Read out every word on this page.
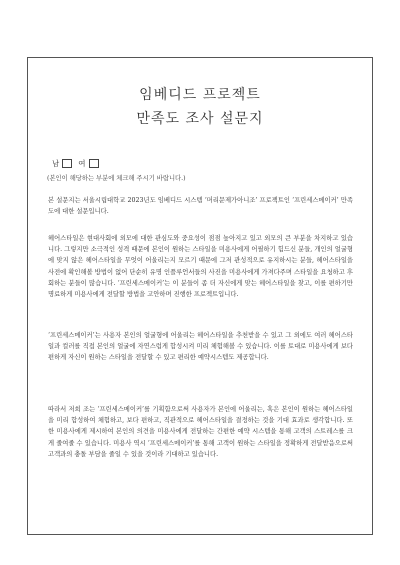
임베디드 프로젝트
만족도 조사 설문지
남	여
(본인이 해당하는 부분에 체크해 주시기 바랍니다.)

본 설문지는 서울시립대학교 2023년도 임베디드 시스템 ‘머리문제가아니조’ 프로젝트인 ‘프린세스메이커’ 만족도에 대한 설문입니다.

헤어스타일은 현대사회에 외모에 대한 관심도와 중요성이 점점 높아지고 있고 외모의 큰 부분을 차지하고 있습니다. 그렇지만 소극적인 성격 때문에 본인이 원하는 스타일을 미용사에게 어필하기 힘드신 분들, 개인의 얼굴형에 맞지 않은 헤어스타일을 무엇이 어울리는지 모르기 때문에 그저 관성적으로 유지하시는 분들, 헤어스타일을 사전에 확인해볼 방법이 없어 단순히 유명 인플루언서들의 사진을 미용사에게 가져다주며 스타일을 요청하고 후회하는 분들이 많습니다. ‘프린세스메이커’는 이 분들이 좀 더 자신에게 맞는 헤어스타일을 찾고, 이를 편하기만 명료하게 미용사에게 전달할 방법을 고안하며 진행한 프로젝트입니다.

‘프린세스메이커’는 사용자 본인의 얼굴형에 어울리는 헤어스타일을 추천받을 수 있고 그 외에도 여러 헤어스타일과 컬러를 직접 본인의 얼굴에 자연스럽게 합성시켜 미리 체험해볼 수 있습니다. 이를 토대로 미용사에게 보다 편하게 자신이 원하는 스타일을 전달할 수 있고 편리한 예약시스템도 제공합니다.

따라서 저희 조는 ‘프린세스메이커’를 기획함으로써 사용자가 본인에 어울리는, 혹은 본인이 원하는 헤어스타일을 미리 합성하여 체험하고, 보다 편하고, 직관적으로 헤어스타일을 결정하는 것을 기대 효과로 생각합니다. 또한 미용사에게 제시하여 본인의 의견을 미용사에게 전달하는 간편한 예약 시스템을 통해 고객의 스트레스를 크게 줄여줄 수 있습니다. 미용사 역시 ‘프린세스메이커’를 통해 고객이 원하는 스타일을 정확하게 전달받음으로써 고객과의 충돌 부담을 줄일 수 있을 것이라 기대하고 있습니다.
